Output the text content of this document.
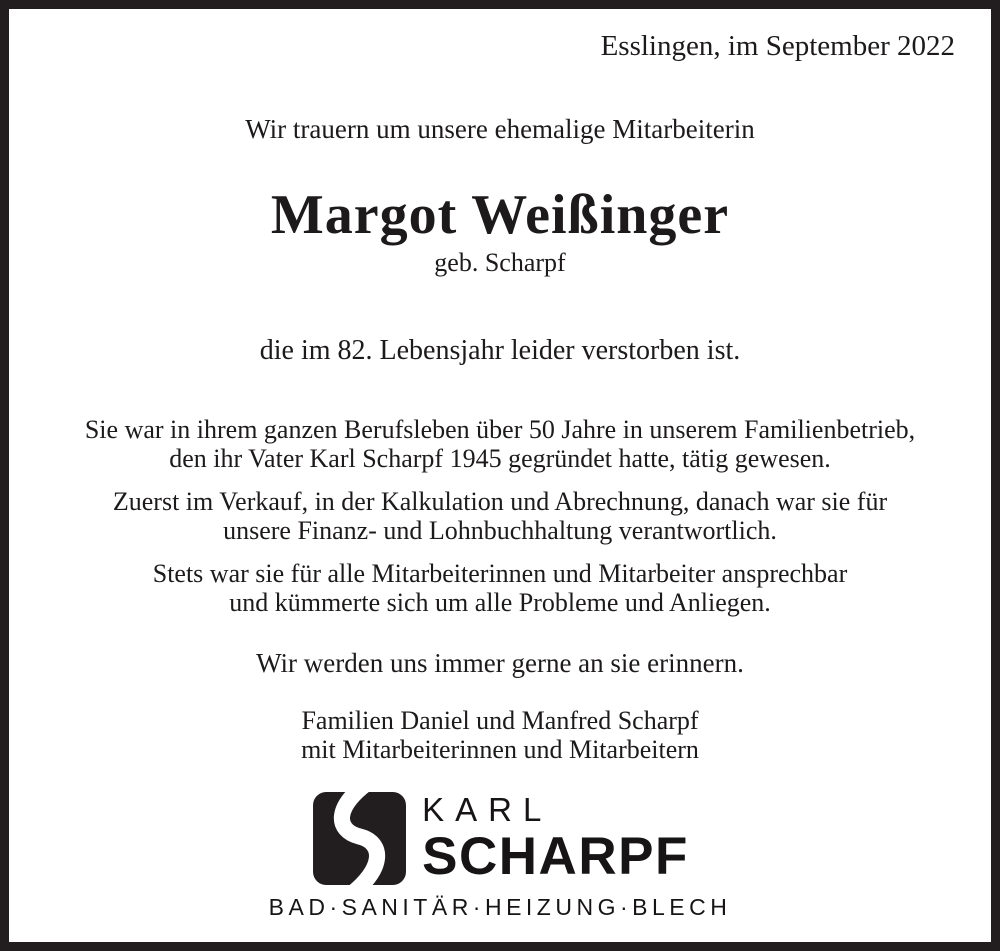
Esslingen, im September 2022
Wir trauern um unsere ehemalige Mitarbeiterin
Margot Weißinger
geb. Scharpf
die im 82. Lebensjahr leider verstorben ist.
Sie war in ihrem ganzen Berufsleben über 50 Jahre in unserem Familienbetrieb,
den ihr Vater Karl Scharpf 1945 gegründet hatte, tätig gewesen.
Zuerst im Verkauf, in der Kalkulation und Abrechnung, danach war sie für
unsere Finanz- und Lohnbuchhaltung verantwortlich.
Stets war sie für alle Mitarbeiterinnen und Mitarbeiter ansprechbar
und kümmerte sich um alle Probleme und Anliegen.
Wir werden uns immer gerne an sie erinnern.
Familien Daniel und Manfred Scharpf
mit Mitarbeiterinnen und Mitarbeitern
KARL
SCHARPF
BAD·SANITÄR·HEIZUNG·BLECH
